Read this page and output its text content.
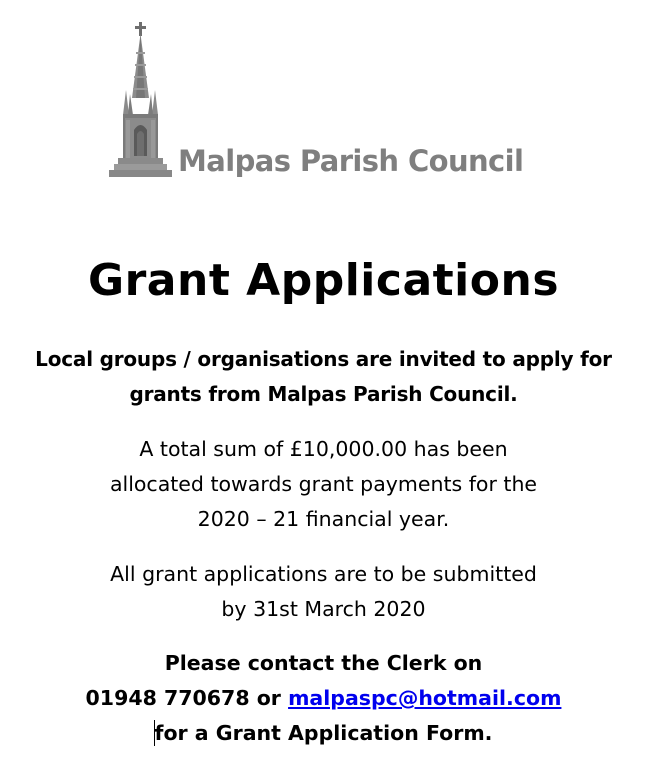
Malpas Parish Council
Grant Applications

Local groups / organisations are invited to apply for

grants from Malpas Parish Council.

A total sum of £10,000.00 has been

allocated towards grant payments for the

2020 – 21 financial year.

All grant applications are to be submitted

by 31st March 2020

Please contact the Clerk on

01948 770678 or malpaspc@hotmail.com

for a Grant Application Form.
